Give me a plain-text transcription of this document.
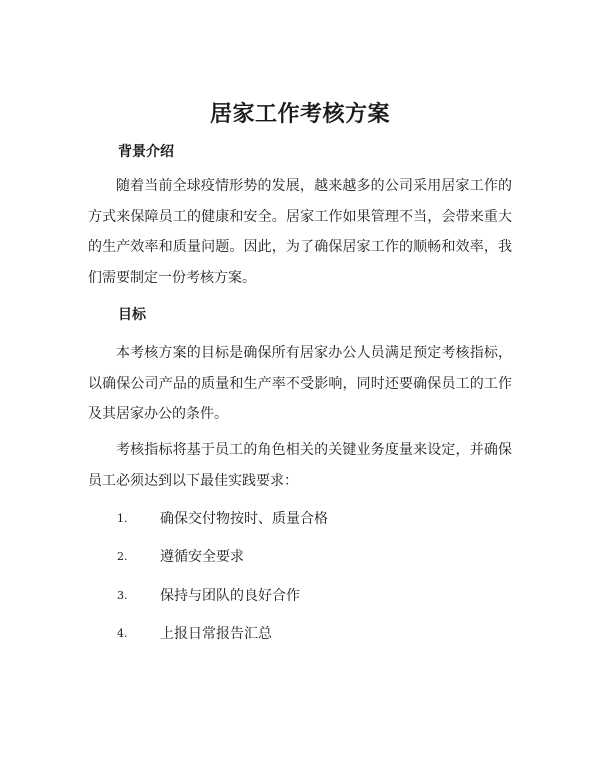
居家工作考核方案
背景介绍

随着当前全球疫情形势的发展，越来越多的公司采用居家工作的方式来保障员工的健康和安全。居家工作如果管理不当，会带来重大的生产效率和质量问题。因此，为了确保居家工作的顺畅和效率，我们需要制定一份考核方案。

目标

本考核方案的目标是确保所有居家办公人员满足预定考核指标，以确保公司产品的质量和生产率不受影响，同时还要确保员工的工作及其居家办公的条件。

考核指标将基于员工的角色相关的关键业务度量来设定，并确保员工必须达到以下最佳实践要求：

1. 确保交付物按时、质量合格
2. 遵循安全要求
3. 保持与团队的良好合作
4. 上报日常报告汇总
